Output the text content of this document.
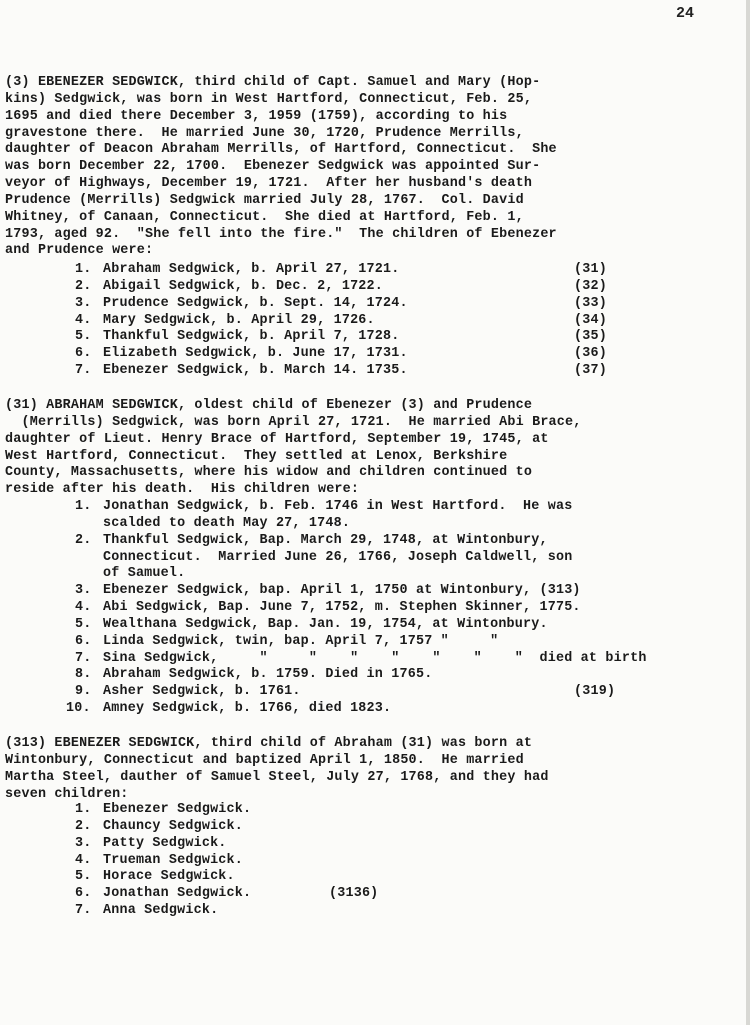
24
(3) EBENEZER SEDGWICK, third child of Capt. Samuel and Mary (Hop-
kins) Sedgwick, was born in West Hartford, Connecticut, Feb. 25,
1695 and died there December 3, 1959 (1759), according to his
gravestone there.  He married June 30, 1720, Prudence Merrills,
daughter of Deacon Abraham Merrills, of Hartford, Connecticut.  She
was born December 22, 1700.  Ebenezer Sedgwick was appointed Sur-
veyor of Highways, December 19, 1721.  After her husband's death
Prudence (Merrills) Sedgwick married July 28, 1767.  Col. David
Whitney, of Canaan, Connecticut.  She died at Hartford, Feb. 1,
1793, aged 92.  "She fell into the fire."  The children of Ebenezer
and Prudence were:
1. Abraham Sedgwick, b. April 27, 1721.	(31)
2. Abigail Sedgwick, b. Dec. 2, 1722.	(32)
3. Prudence Sedgwick, b. Sept. 14, 1724.	(33)
4. Mary Sedgwick, b. April 29, 1726.	(34)
5. Thankful Sedgwick, b. April 7, 1728.	(35)
6. Elizabeth Sedgwick, b. June 17, 1731.	(36)
7. Ebenezer Sedgwick, b. March 14. 1735.	(37)
(31) ABRAHAM SEDGWICK, oldest child of Ebenezer (3) and Prudence
(Merrills) Sedgwick, was born April 27, 1721.  He married Abi Brace,
daughter of Lieut. Henry Brace of Hartford, September 19, 1745, at
West Hartford, Connecticut.  They settled at Lenox, Berkshire
County, Massachusetts, where his widow and children continued to
reside after his death.  His children were:
1. Jonathan Sedgwick, b. Feb. 1746 in West Hartford.  He was
scalded to death May 27, 1748.
2. Thankful Sedgwick, Bap. March 29, 1748, at Wintonbury,
Connecticut.  Married June 26, 1766, Joseph Caldwell, son
of Samuel.
3. Ebenezer Sedgwick, bap. April 1, 1750 at Wintonbury, (313)
4. Abi Sedgwick, Bap. June 7, 1752, m. Stephen Skinner, 1775.
5. Wealthana Sedgwick, Bap. Jan. 19, 1754, at Wintonbury.
6. Linda Sedgwick, twin, bap. April 7, 1757 "     "
7. Sina Sedgwick,     "     "    "    "    "    "    "  died at birth
8. Abraham Sedgwick, b. 1759. Died in 1765.
9. Asher Sedgwick, b. 1761.	(319)
10. Amney Sedgwick, b. 1766, died 1823.
(313) EBENEZER SEDGWICK, third child of Abraham (31) was born at
Wintonbury, Connecticut and baptized April 1, 1850.  He married
Martha Steel, dauther of Samuel Steel, July 27, 1768, and they had
seven children:
1. Ebenezer Sedgwick.
2. Chauncy Sedgwick.
3. Patty Sedgwick.
4. Trueman Sedgwick.
5. Horace Sedgwick.
6. Jonathan Sedgwick.	(3136)
7. Anna Sedgwick.
